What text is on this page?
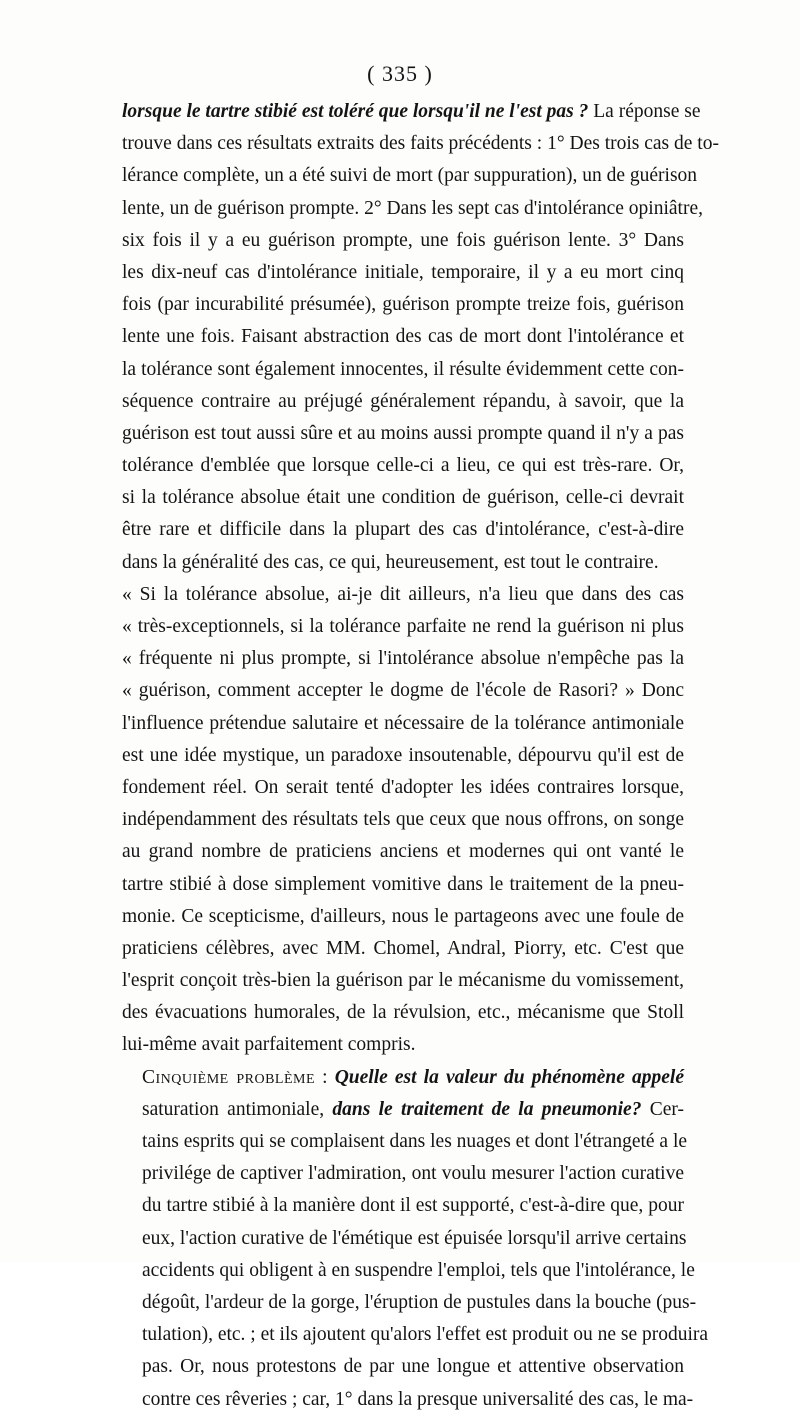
( 335 )
lorsque le tartre stibié est toléré que lorsqu'il ne l'est pas ? La réponse se
trouve dans ces résultats extraits des faits précédents : 1° Des trois cas de to-
lérance complète, un a été suivi de mort (par suppuration), un de guérison
lente, un de guérison prompte. 2° Dans les sept cas d'intolérance opiniâtre,
six fois il y a eu guérison prompte, une fois guérison lente. 3° Dans
les dix-neuf cas d'intolérance initiale, temporaire, il y a eu mort cinq
fois (par incurabilité présumée), guérison prompte treize fois, guérison
lente une fois. Faisant abstraction des cas de mort dont l'intolérance et
la tolérance sont également innocentes, il résulte évidemment cette con-
séquence contraire au préjugé généralement répandu, à savoir, que la
guérison est tout aussi sûre et au moins aussi prompte quand il n'y a pas
tolérance d'emblée que lorsque celle-ci a lieu, ce qui est très-rare. Or,
si la tolérance absolue était une condition de guérison, celle-ci devrait
être rare et difficile dans la plupart des cas d'intolérance, c'est-à-dire
dans la généralité des cas, ce qui, heureusement, est tout le contraire.
« Si la tolérance absolue, ai-je dit ailleurs, n'a lieu que dans des cas
« très-exceptionnels, si la tolérance parfaite ne rend la guérison ni plus
« fréquente ni plus prompte, si l'intolérance absolue n'empêche pas la
« guérison, comment accepter le dogme de l'école de Rasori? » Donc
l'influence prétendue salutaire et nécessaire de la tolérance antimoniale
est une idée mystique, un paradoxe insoutenable, dépourvu qu'il est de
fondement réel. On serait tenté d'adopter les idées contraires lorsque,
indépendamment des résultats tels que ceux que nous offrons, on songe
au grand nombre de praticiens anciens et modernes qui ont vanté le
tartre stibié à dose simplement vomitive dans le traitement de la pneu-
monie. Ce scepticisme, d'ailleurs, nous le partageons avec une foule de
praticiens célèbres, avec MM. Chomel, Andral, Piorry, etc. C'est que
l'esprit conçoit très-bien la guérison par le mécanisme du vomissement,
des évacuations humorales, de la révulsion, etc., mécanisme que Stoll
lui-même avait parfaitement compris.
Cinquième problème : Quelle est la valeur du phénomène appelé
saturation antimoniale, dans le traitement de la pneumonie? Cer-
tains esprits qui se complaisent dans les nuages et dont l'étrangeté a le
privilége de captiver l'admiration, ont voulu mesurer l'action curative
du tartre stibié à la manière dont il est supporté, c'est-à-dire que, pour
eux, l'action curative de l'émétique est épuisée lorsqu'il arrive certains
accidents qui obligent à en suspendre l'emploi, tels que l'intolérance, le
dégoût, l'ardeur de la gorge, l'éruption de pustules dans la bouche (pus-
tulation), etc. ; et ils ajoutent qu'alors l'effet est produit ou ne se produira
pas. Or, nous protestons de par une longue et attentive observation
contre ces rêveries ; car, 1° dans la presque universalité des cas, le ma-
